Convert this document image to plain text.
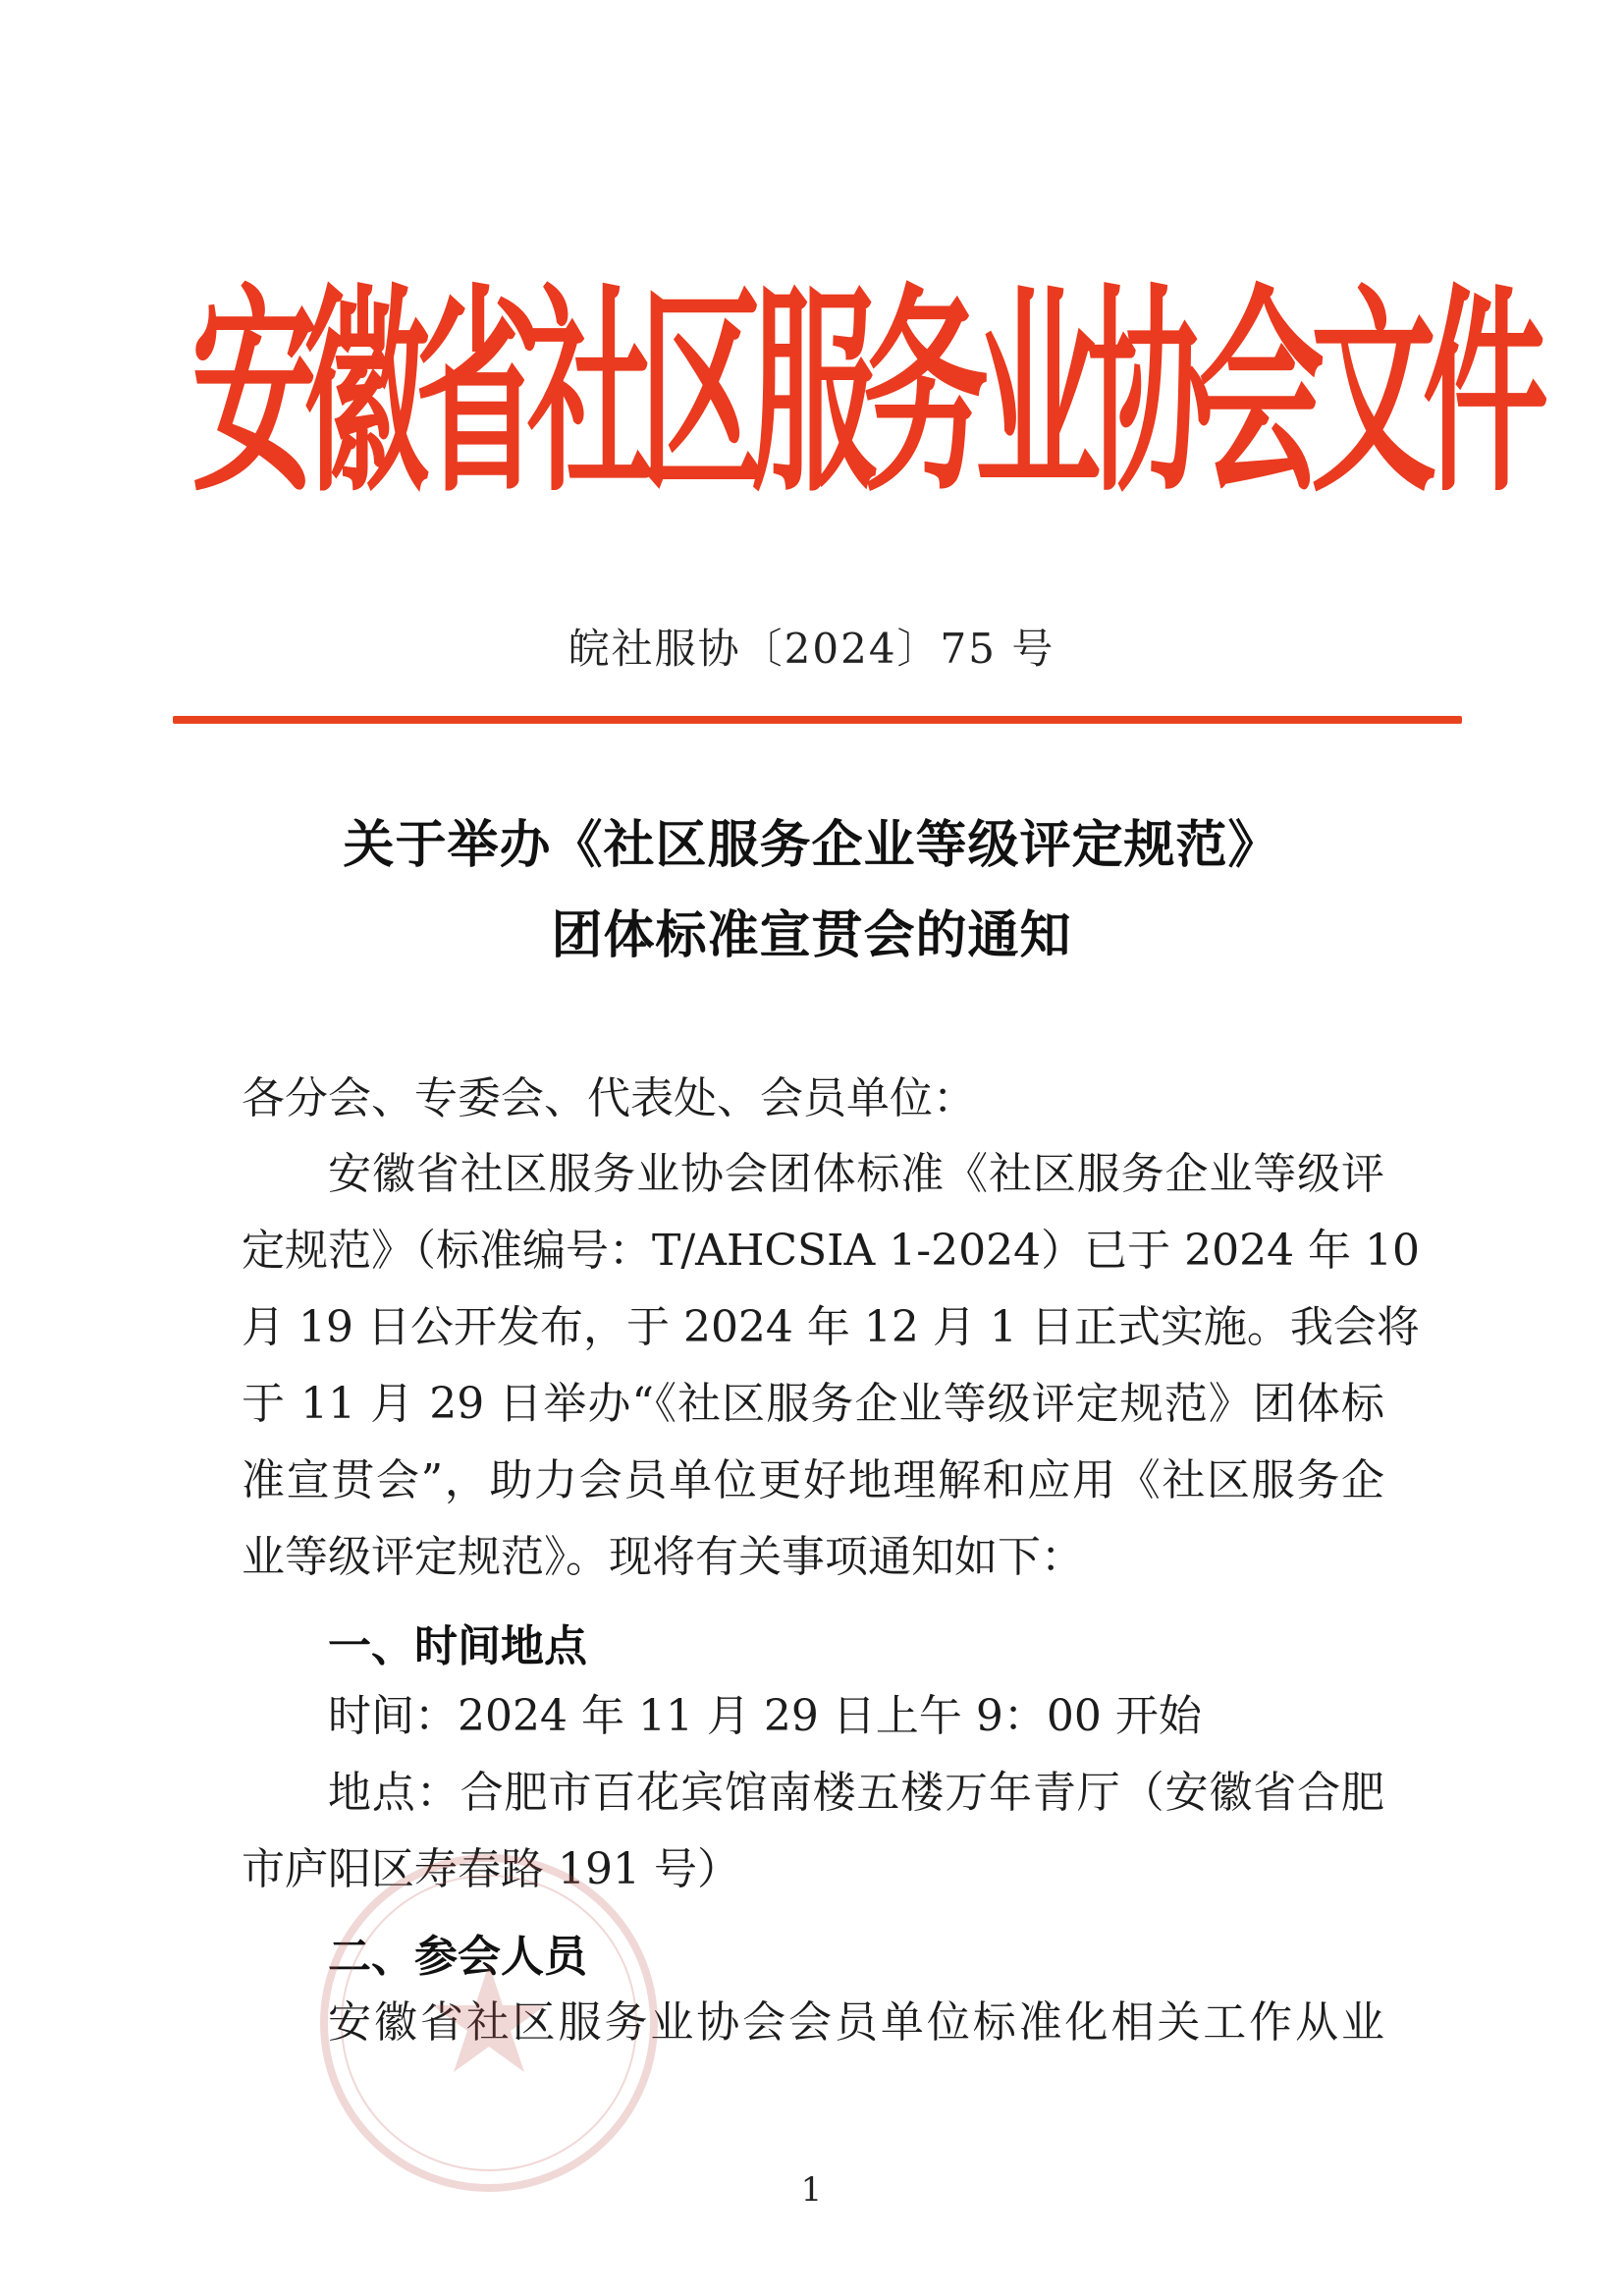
安
徽
省
社
区
服
务
业
协
会
文
件
皖社服协〔2024〕75 号
关于举办《社区服务企业等级评定规范》
团体标准宣贯会的通知
各分会、专委会、代表处、会员单位：
安徽省社区服务业协会团体标准《社区服务企业等级评
定规范》（标准编号：T/AHCSIA 1-2024）已于 2024 年 10
月 19 日公开发布，于 2024 年 12 月 1 日正式实施。我会将
于 11 月 29 日举办“《社区服务企业等级评定规范》团体标
准宣贯会”，助力会员单位更好地理解和应用《社区服务企
业等级评定规范》。现将有关事项通知如下：
一、时间地点
时间：2024 年 11 月 29 日上午 9：00 开始
地点：合肥市百花宾馆南楼五楼万年青厅（安徽省合肥
市庐阳区寿春路 191 号）
二、参会人员
安徽省社区服务业协会会员单位标准化相关工作从业
1
